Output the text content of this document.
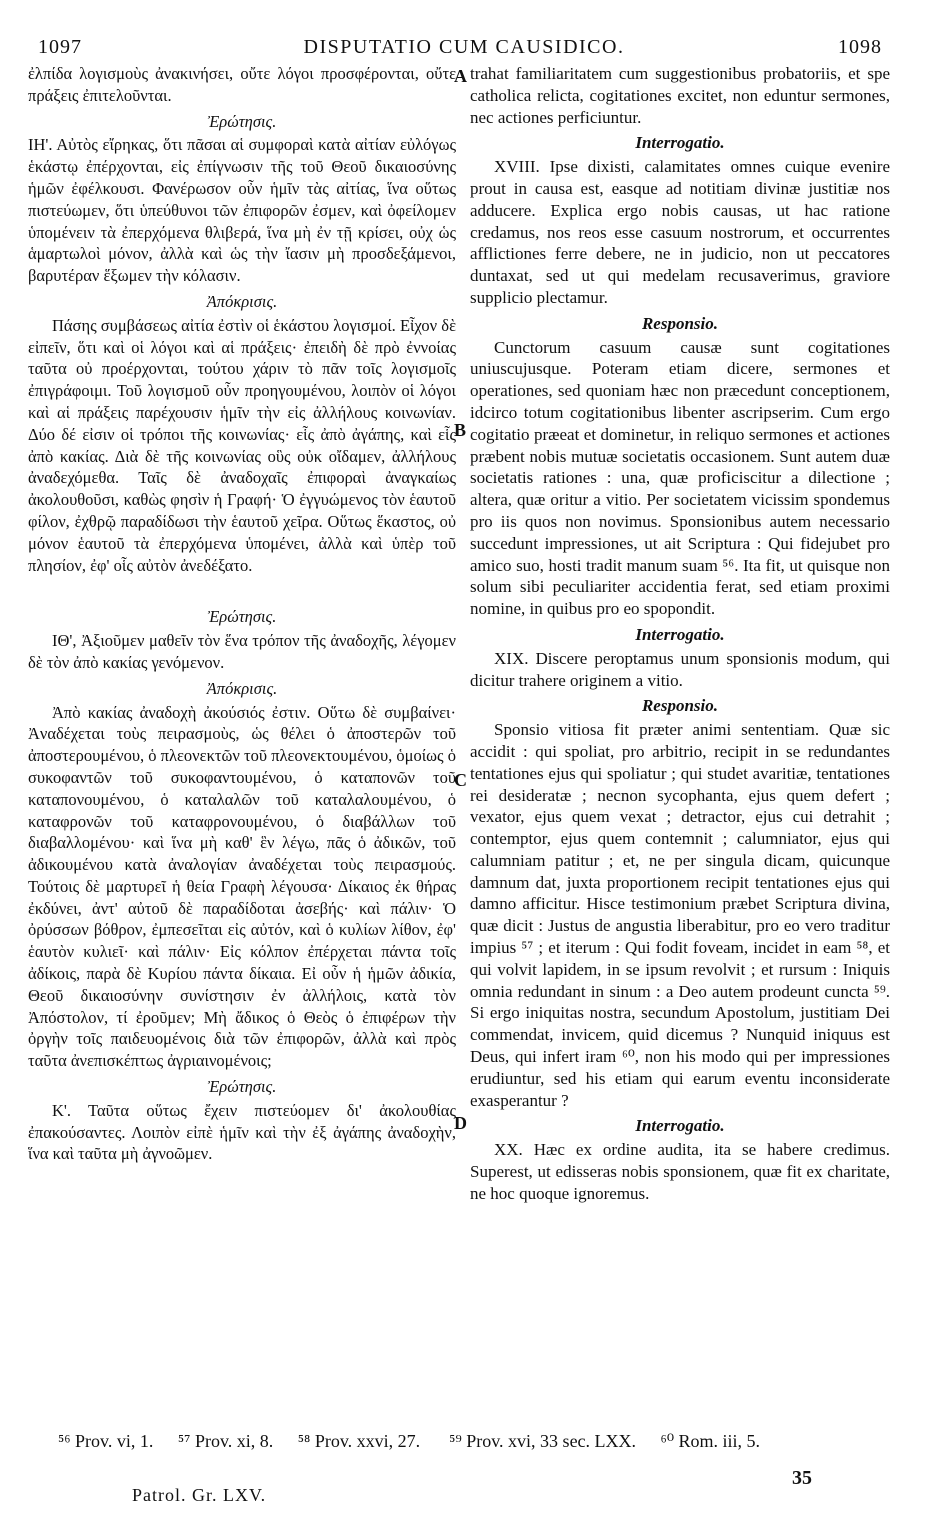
1097	DISPUTATIO CUM CAUSIDICO.	1098

ἐλπίδα λογισμοὺς ἀνακινήσει, οὔτε λόγοι προσφέρονται, οὔτε πράξεις ἐπιτελοῦνται.

Ἐρώτησις.

ΙΗ'. Αὐτὸς εἴρηκας, ὅτι πᾶσαι αἱ συμφοραὶ κατὰ αἰτίαν εὐλόγως ἑκάστῳ ἐπέρχονται, εἰς ἐπίγνωσιν τῆς τοῦ Θεοῦ δικαιοσύνης ἡμῶν ἐφέλκουσι. Φανέρωσον οὖν ἡμῖν τὰς αἰτίας, ἵνα οὕτως πιστεύωμεν, ὅτι ὑπεύθυνοι τῶν ἐπιφορῶν ἐσμεν, καὶ ὀφείλομεν ὑπομένειν τὰ ἐπερχόμενα θλιβερά, ἵνα μὴ ἐν τῇ κρίσει, οὐχ ὡς ἁμαρτωλοὶ μόνον, ἀλλὰ καὶ ὡς τὴν ἴασιν μὴ προσδεξάμενοι, βαρυτέραν ἕξωμεν τὴν κόλασιν.

Ἀπόκρισις.

Πάσης συμβάσεως αἰτία ἐστὶν οἱ ἑκάστου λογισμοί. Εἶχον δὲ εἰπεῖν, ὅτι καὶ οἱ λόγοι καὶ αἱ πράξεις· ἐπειδὴ δὲ πρὸ ἐννοίας ταῦτα οὐ προέρχονται, τούτου χάριν τὸ πᾶν τοῖς λογισμοῖς ἐπιγράφοιμι. Τοῦ λογισμοῦ οὖν προηγουμένου, λοιπὸν οἱ λόγοι καὶ αἱ πράξεις παρέχουσιν ἡμῖν τὴν εἰς ἀλλήλους κοινωνίαν. Δύο δέ εἰσιν οἱ τρόποι τῆς κοινωνίας· εἷς ἀπὸ ἀγάπης, καὶ εἷς ἀπὸ κακίας. Διὰ δὲ τῆς κοινωνίας οὓς οὐκ οἴδαμεν, ἀλλήλους ἀναδεχόμεθα. Ταῖς δὲ ἀναδοχαῖς ἐπιφοραὶ ἀναγκαίως ἀκολουθοῦσι, καθὼς φησὶν ἡ Γραφή· Ὁ ἐγγυώμενος τὸν ἑαυτοῦ φίλον, ἐχθρῷ παραδίδωσι τὴν ἑαυτοῦ χεῖρα. Οὕτως ἕκαστος, οὐ μόνον ἑαυτοῦ τὰ ἐπερχόμενα ὑπομένει, ἀλλὰ καὶ ὑπὲρ τοῦ πλησίον, ἐφ' οἷς αὐτὸν ἀνεδέξατο.

Ἐρώτησις.

ΙΘ', Ἀξιοῦμεν μαθεῖν τὸν ἕνα τρόπον τῆς ἀναδοχῆς, λέγομεν δὲ τὸν ἀπὸ κακίας γενόμενον.

Ἀπόκρισις.

Ἀπὸ κακίας ἀναδοχὴ ἀκούσιός ἐστιν. Οὕτω δὲ συμβαίνει· Ἀναδέχεται τοὺς πειρασμοὺς, ὡς θέλει ὁ ἀποστερῶν τοῦ ἀποστερουμένου, ὁ πλεονεκτῶν τοῦ πλεονεκτουμένου, ὁμοίως ὁ συκοφαντῶν τοῦ συκοφαντουμένου, ὁ καταπονῶν τοῦ καταπονουμένου, ὁ καταλαλῶν τοῦ καταλαλουμένου, ὁ καταφρονῶν τοῦ καταφρονουμένου, ὁ διαβάλλων τοῦ διαβαλλομένου· καὶ ἵνα μὴ καθ' ἓν λέγω, πᾶς ὁ ἀδικῶν, τοῦ ἀδικουμένου κατὰ ἀναλογίαν ἀναδέχεται τοὺς πειρασμούς. Τούτοις δὲ μαρτυρεῖ ἡ θεία Γραφὴ λέγουσα· Δίκαιος ἐκ θήρας ἐκδύνει, ἀντ' αὐτοῦ δὲ παραδίδοται ἀσεβής· καὶ πάλιν· Ὁ ὀρύσσων βόθρον, ἐμπεσεῖται εἰς αὐτόν, καὶ ὁ κυλίων λίθον, ἐφ' ἑαυτὸν κυλιεῖ· καὶ πάλιν· Εἰς κόλπον ἐπέρχεται πάντα τοῖς ἀδίκοις, παρὰ δὲ Κυρίου πάντα δίκαια. Εἰ οὖν ἡ ἡμῶν ἀδικία, Θεοῦ δικαιοσύνην συνίστησιν ἐν ἀλλήλοις, κατὰ τὸν Ἀπόστολον, τί ἐροῦμεν; Μὴ ἄδικος ὁ Θεὸς ὁ ἐπιφέρων τὴν ὀργὴν τοῖς παιδευομένοις διὰ τῶν ἐπιφορῶν, ἀλλὰ καὶ πρὸς ταῦτα ἀνεπισκέπτως ἀγριαινομένοις;

Ἐρώτησις.

Κ'. Ταῦτα οὕτως ἔχειν πιστεύομεν δι' ἀκολουθίας ἐπακούσαντες. Λοιπὸν εἰπὲ ἡμῖν καὶ τὴν ἐξ ἀγάπης ἀναδοχὴν, ἵνα καὶ ταῦτα μὴ ἀγνοῶμεν.

A
B
C
D

trahat familiaritatem cum suggestionibus probatoriis, et spe catholica relicta, cogitationes excitet, non eduntur sermones, nec actiones perficiuntur.

Interrogatio.

XVIII. Ipse dixisti, calamitates omnes cuique evenire prout in causa est, easque ad notitiam divinæ justitiæ nos adducere. Explica ergo nobis causas, ut hac ratione credamus, nos reos esse casuum nostrorum, et occurrentes afflictiones ferre debere, ne in judicio, non ut peccatores duntaxat, sed ut qui medelam recusaverimus, graviore supplicio plectamur.

Responsio.

Cunctorum casuum causæ sunt cogitationes uniuscujusque. Poteram etiam dicere, sermones et operationes, sed quoniam hæc non præcedunt conceptionem, idcirco totum cogitationibus libenter ascripserim. Cum ergo cogitatio præeat et dominetur, in reliquo sermones et actiones præbent nobis mutuæ societatis occasionem. Sunt autem duæ societatis rationes : una, quæ proficiscitur a dilectione ; altera, quæ oritur a vitio. Per societatem vicissim spondemus pro iis quos non novimus. Sponsionibus autem necessario succedunt impressiones, ut ait Scriptura : Qui fidejubet pro amico suo, hosti tradit manum suam ⁵⁶. Ita fit, ut quisque non solum sibi peculiariter accidentia ferat, sed etiam proximi nomine, in quibus pro eo spopondit.

Interrogatio.

XIX. Discere peroptamus unum sponsionis modum, qui dicitur trahere originem a vitio.

Responsio.

Sponsio vitiosa fit præter animi sententiam. Quæ sic accidit : qui spoliat, pro arbitrio, recipit in se redundantes tentationes ejus qui spoliatur ; qui studet avaritiæ, tentationes rei desideratæ ; necnon sycophanta, ejus quem defert ; vexator, ejus quem vexat ; detractor, ejus cui detrahit ; contemptor, ejus quem contemnit ; calumniator, ejus qui calumniam patitur ; et, ne per singula dicam, quicunque damnum dat, juxta proportionem recipit tentationes ejus qui damno afficitur. Hisce testimonium præbet Scriptura divina, quæ dicit : Justus de angustia liberabitur, pro eo vero traditur impius ⁵⁷ ; et iterum : Qui fodit foveam, incidet in eam ⁵⁸, et qui volvit lapidem, in se ipsum revolvit ; et rursum : Iniquis omnia redundant in sinum : a Deo autem prodeunt cuncta ⁵⁹. Si ergo iniquitas nostra, secundum Apostolum, justitiam Dei commendat, invicem, quid dicemus ? Nunquid iniquus est Deus, qui infert iram ⁶⁰, non his modo qui per impressiones erudiuntur, sed his etiam qui earum eventu inconsiderate exasperantur ?

Interrogatio.

XX. Hæc ex ordine audita, ita se habere credimus. Superest, ut edisseras nobis sponsionem, quæ fit ex charitate, ne hoc quoque ignoremus.

⁵⁶ Prov. vi, 1. ⁵⁷ Prov. xi, 8. ⁵⁸ Prov. xxvi, 27. ⁵⁹ Prov. xvi, 33 sec. LXX. ⁶⁰ Rom. iii, 5.
Patrol. Gr. LXV.
35
